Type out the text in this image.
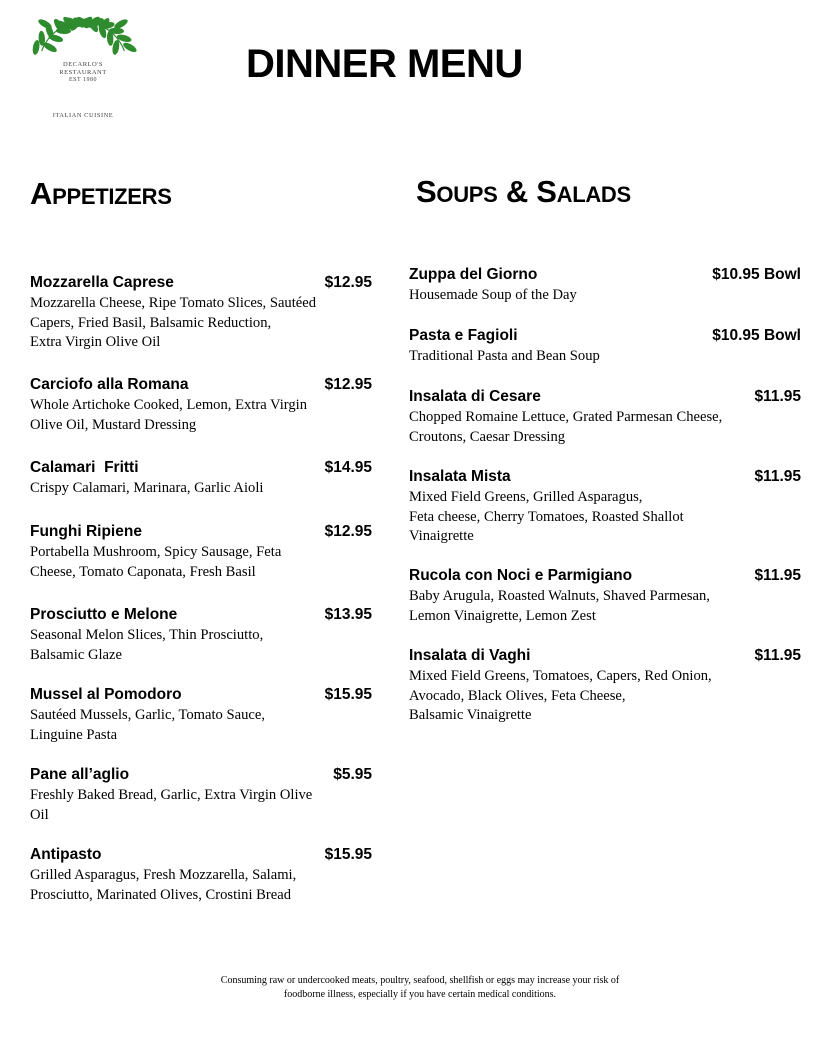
DECARLO'S
RESTAURANT
EST 1980
ITALIAN CUISINE
DINNER MENU
Appetizers	Soups & Salads
Mozzarella Caprese	$12.95
Mozzarella Cheese, Ripe Tomato Slices, Sautéed
Capers, Fried Basil, Balsamic Reduction,
Extra Virgin Olive Oil
Carciofo alla Romana	$12.95
Whole Artichoke Cooked, Lemon, Extra Virgin
Olive Oil, Mustard Dressing
Calamari  Fritti	$14.95
Crispy Calamari, Marinara, Garlic Aioli
Funghi Ripiene	$12.95
Portabella Mushroom, Spicy Sausage, Feta
Cheese, Tomato Caponata, Fresh Basil
Prosciutto e Melone	$13.95
Seasonal Melon Slices, Thin Prosciutto,
Balsamic Glaze
Mussel al Pomodoro	$15.95
Sautéed Mussels, Garlic, Tomato Sauce,
Linguine Pasta
Pane all’aglio	$5.95
Freshly Baked Bread, Garlic, Extra Virgin Olive
Oil
Antipasto	$15.95
Grilled Asparagus, Fresh Mozzarella, Salami,
Prosciutto, Marinated Olives, Crostini Bread
Zuppa del Giorno	$10.95 Bowl
Housemade Soup of the Day
Pasta e Fagioli	$10.95 Bowl
Traditional Pasta and Bean Soup
Insalata di Cesare	$11.95
Chopped Romaine Lettuce, Grated Parmesan Cheese,
Croutons, Caesar Dressing
Insalata Mista	$11.95
Mixed Field Greens, Grilled Asparagus,
Feta cheese, Cherry Tomatoes, Roasted Shallot
Vinaigrette
Rucola con Noci e Parmigiano	$11.95
Baby Arugula, Roasted Walnuts, Shaved Parmesan,
Lemon Vinaigrette, Lemon Zest
Insalata di Vaghi	$11.95
Mixed Field Greens, Tomatoes, Capers, Red Onion,
Avocado, Black Olives, Feta Cheese,
Balsamic Vinaigrette
Consuming raw or undercooked meats, poultry, seafood, shellfish or eggs may increase your risk of
foodborne illness, especially if you have certain medical conditions.
